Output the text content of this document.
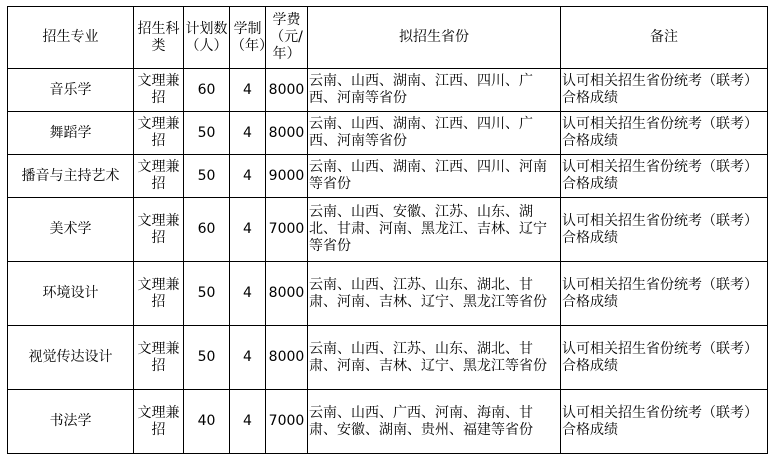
招生专业	招生科类	计划数（人）	学制（年）	学费（元/年）	拟招生省份	备注
音乐学	文理兼招	60	4	8000	云南、山西、湖南、江西、四川、广西、河南等省份	认可相关招生省份统考（联考）合格成绩
舞蹈学	文理兼招	50	4	8000	云南、山西、湖南、江西、四川、广西、河南等省份	认可相关招生省份统考（联考）合格成绩
播音与主持艺术	文理兼招	50	4	9000	云南、山西、湖南、江西、四川、河南等省份	认可相关招生省份统考（联考）合格成绩
美术学	文理兼招	60	4	7000	云南、山西、安徽、江苏、山东、湖北、甘肃、河南、黑龙江、吉林、辽宁等省份	认可相关招生省份统考（联考）合格成绩
环境设计	文理兼招	50	4	8000	云南、山西、江苏、山东、湖北、甘肃、河南、吉林、辽宁、黑龙江等省份	认可相关招生省份统考（联考）合格成绩
视觉传达设计	文理兼招	50	4	8000	云南、山西、江苏、山东、湖北、甘肃、河南、吉林、辽宁、黑龙江等省份	认可相关招生省份统考（联考）合格成绩
书法学	文理兼招	40	4	7000	云南、山西、广西、河南、海南、甘肃、安徽、湖南、贵州、福建等省份	认可相关招生省份统考（联考）合格成绩
